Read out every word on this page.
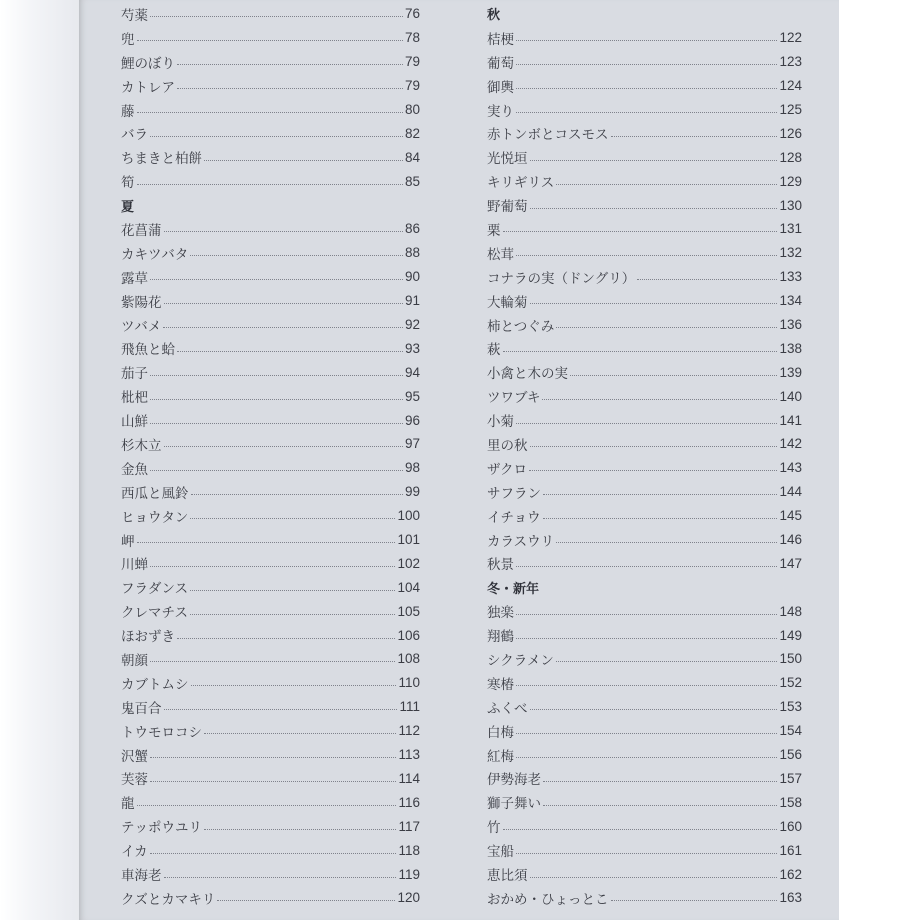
芍薬	76
兜	78
鯉のぼり	79
カトレア	79
藤	80
バラ	82
ちまきと柏餅	84
筍	85
夏
花菖蒲	86
カキツバタ	88
露草	90
紫陽花	91
ツバメ	92
飛魚と蛤	93
茄子	94
枇杷	95
山鮮	96
杉木立	97
金魚	98
西瓜と風鈴	99
ヒョウタン	100
岬	101
川蝉	102
フラダンス	104
クレマチス	105
ほおずき	106
朝顔	108
カブトムシ	110
鬼百合	111
トウモロコシ	112
沢蟹	113
芙蓉	114
龍	116
テッポウユリ	117
イカ	118
車海老	119
クズとカマキリ	120
秋
桔梗	122
葡萄	123
御輿	124
実り	125
赤トンボとコスモス	126
光悦垣	128
キリギリス	129
野葡萄	130
栗	131
松茸	132
コナラの実（ドングリ）	133
大輪菊	134
柿とつぐみ	136
萩	138
小禽と木の実	139
ツワブキ	140
小菊	141
里の秋	142
ザクロ	143
サフラン	144
イチョウ	145
カラスウリ	146
秋景	147
冬・新年
独楽	148
翔鶴	149
シクラメン	150
寒椿	152
ふくべ	153
白梅	154
紅梅	156
伊勢海老	157
獅子舞い	158
竹	160
宝船	161
恵比須	162
おかめ・ひょっとこ	163
